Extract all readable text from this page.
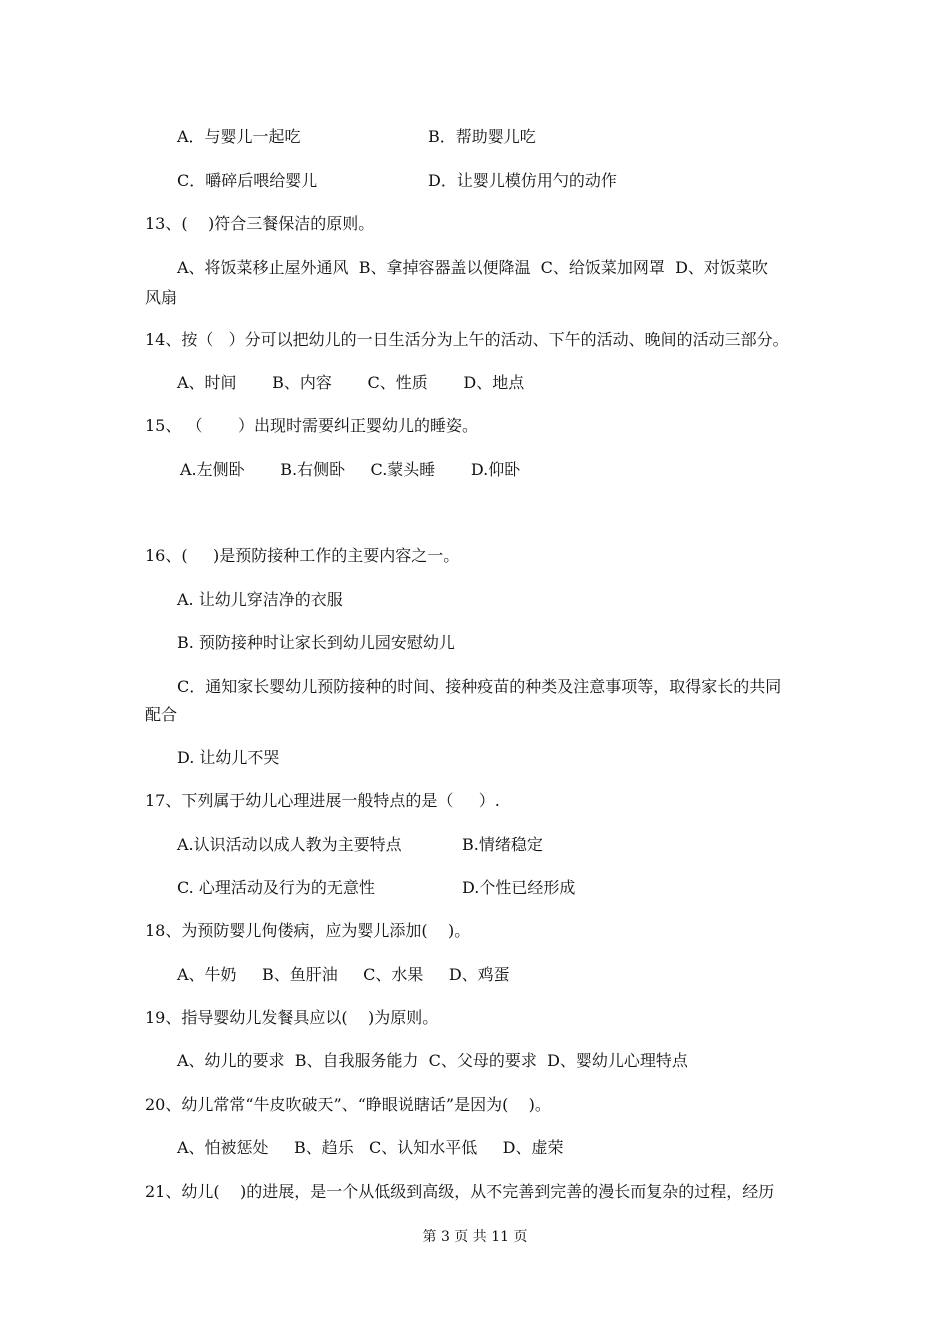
A．与婴儿一起吃	B．帮助婴儿吃
C．嚼碎后喂给婴儿	D．让婴儿模仿用勺的动作
13、(    )符合三餐保洁的原则。
A、将饭菜移止屋外通风  B、拿掉容器盖以便降温  C、给饭菜加网罩  D、对饭菜吹
风扇
14、按（   ）分可以把幼儿的一日生活分为上午的活动、下午的活动、晚间的活动三部分。
A、时间       B、内容       C、性质       D、地点
15、 （       ）出现时需要纠正婴幼儿的睡姿。
A.左侧卧       B.右侧卧     C.蒙头睡       D.仰卧
16、(     )是预防接种工作的主要内容之一。
A. 让幼儿穿洁净的衣服
B. 预防接种时让家长到幼儿园安慰幼儿
C．通知家长婴幼儿预防接种的时间、接种疫苗的种类及注意事项等，取得家长的共同
配合
D. 让幼儿不哭
17、下列属于幼儿心理进展一般特点的是（     ）.
A.认识活动以成人教为主要特点	B.情绪稳定
C. 心理活动及行为的无意性	D.个性已经形成
18、为预防婴儿佝偻病，应为婴儿添加(    )。
A、牛奶     B、鱼肝油     C、水果     D、鸡蛋
19、指导婴幼儿发餐具应以(    )为原则。
A、幼儿的要求  B、自我服务能力  C、父母的要求  D、婴幼儿心理特点
20、幼儿常常“牛皮吹破天”、“睁眼说瞎话”是因为(    )。
A、怕被惩处     B、趋乐   C、认知水平低     D、虚荣
21、幼儿(    )的进展，是一个从低级到高级，从不完善到完善的漫长而复杂的过程，经历
第 3 页 共 11 页
